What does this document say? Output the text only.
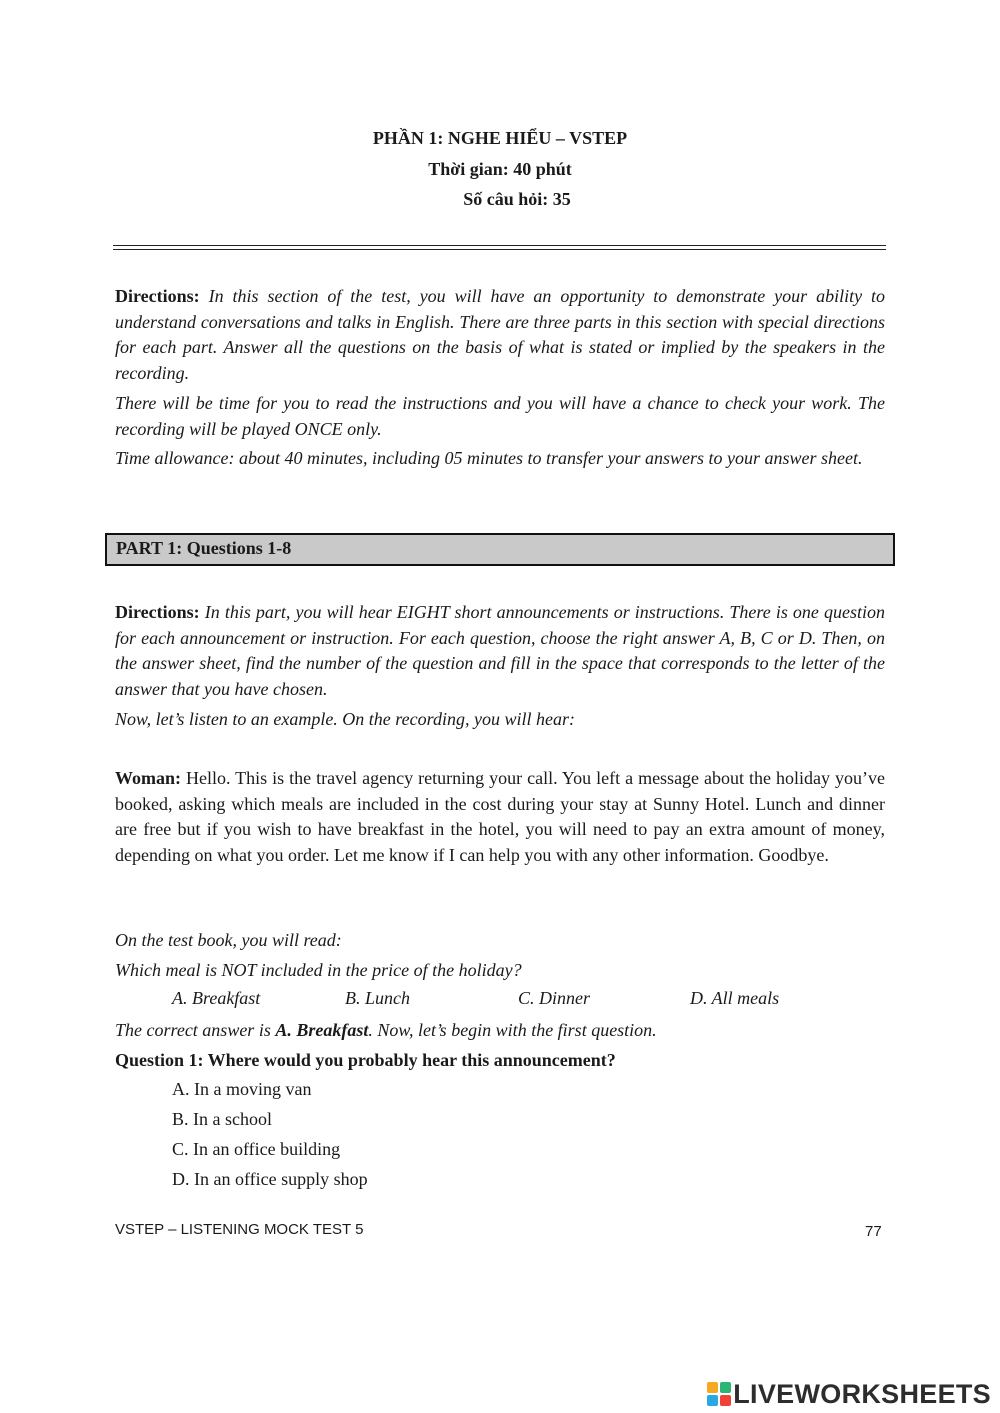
PHẦN 1: NGHE HIỂU – VSTEP
Thời gian: 40 phút
Số câu hỏi: 35
Directions: In this section of the test, you will have an opportunity to demonstrate your ability to understand conversations and talks in English. There are three parts in this section with special directions for each part. Answer all the questions on the basis of what is stated or implied by the speakers in the recording.
There will be time for you to read the instructions and you will have a chance to check your work. The recording will be played ONCE only.
Time allowance: about 40 minutes, including 05 minutes to transfer your answers to your answer sheet.
PART 1: Questions 1-8
Directions: In this part, you will hear EIGHT short announcements or instructions. There is one question for each announcement or instruction. For each question, choose the right answer A, B, C or D. Then, on the answer sheet, find the number of the question and fill in the space that corresponds to the letter of the answer that you have chosen.
Now, let’s listen to an example. On the recording, you will hear:
Woman: Hello. This is the travel agency returning your call. You left a message about the holiday you’ve booked, asking which meals are included in the cost during your stay at Sunny Hotel. Lunch and dinner are free but if you wish to have breakfast in the hotel, you will need to pay an extra amount of money, depending on what you order. Let me know if I can help you with any other information. Goodbye.
On the test book, you will read:
Which meal is NOT included in the price of the holiday?
A. Breakfast	B. Lunch	C. Dinner	D. All meals
The correct answer is A. Breakfast. Now, let’s begin with the first question.
Question 1: Where would you probably hear this announcement?
A. In a moving van
B. In a school
C. In an office building
D. In an office supply shop
VSTEP – LISTENING MOCK TEST 5	77
LIVEWORKSHEETS
